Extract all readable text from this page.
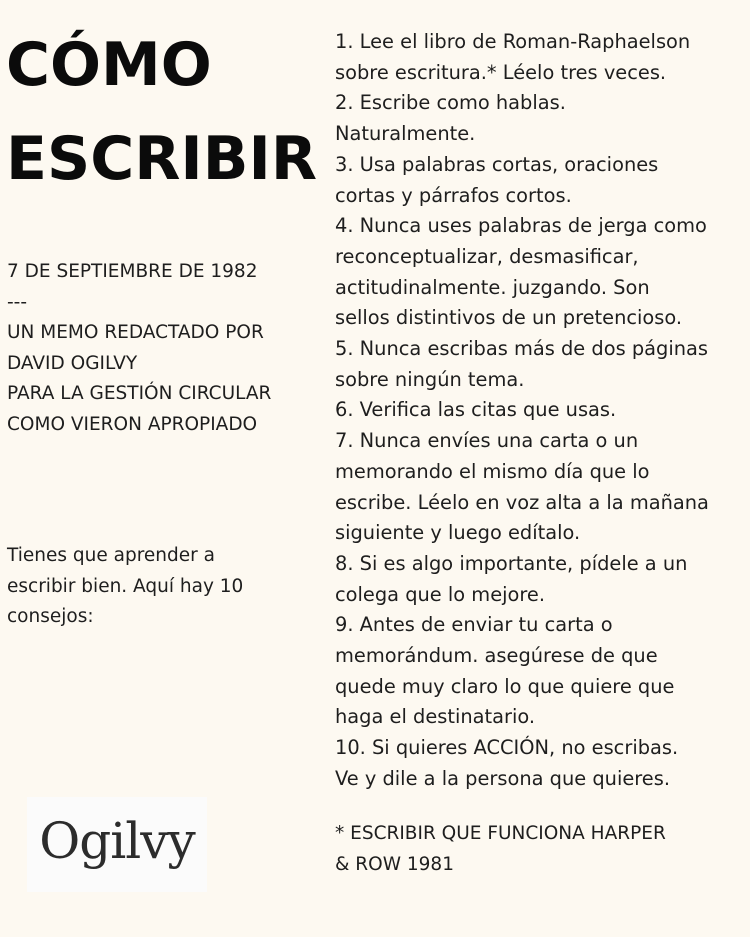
CÓMO
ESCRIBIR
7 DE SEPTIEMBRE DE 1982
---
UN MEMO REDACTADO POR
DAVID OGILVY
PARA LA GESTIÓN CIRCULAR
COMO VIERON APROPIADO
Tienes que aprender a
escribir bien. Aquí hay 10
consejos:
1. Lee el libro de Roman-Raphaelson
sobre escritura.* Léelo tres veces.
2. Escribe como hablas.
Naturalmente.
3. Usa palabras cortas, oraciones
cortas y párrafos cortos.
4. Nunca uses palabras de jerga como
reconceptualizar, desmasificar,
actitudinalmente. juzgando. Son
sellos distintivos de un pretencioso.
5. Nunca escribas más de dos páginas
sobre ningún tema.
6. Verifica las citas que usas.
7. Nunca envíes una carta o un
memorando el mismo día que lo
escribe. Léelo en voz alta a la mañana
siguiente y luego edítalo.
8. Si es algo importante, pídele a un
colega que lo mejore.
9. Antes de enviar tu carta o
memorándum. asegúrese de que
quede muy claro lo que quiere que
haga el destinatario.
10. Si quieres ACCIÓN, no escribas.
Ve y dile a la persona que quieres.
Ogilvy	* ESCRIBIR QUE FUNCIONA HARPER
& ROW 1981
